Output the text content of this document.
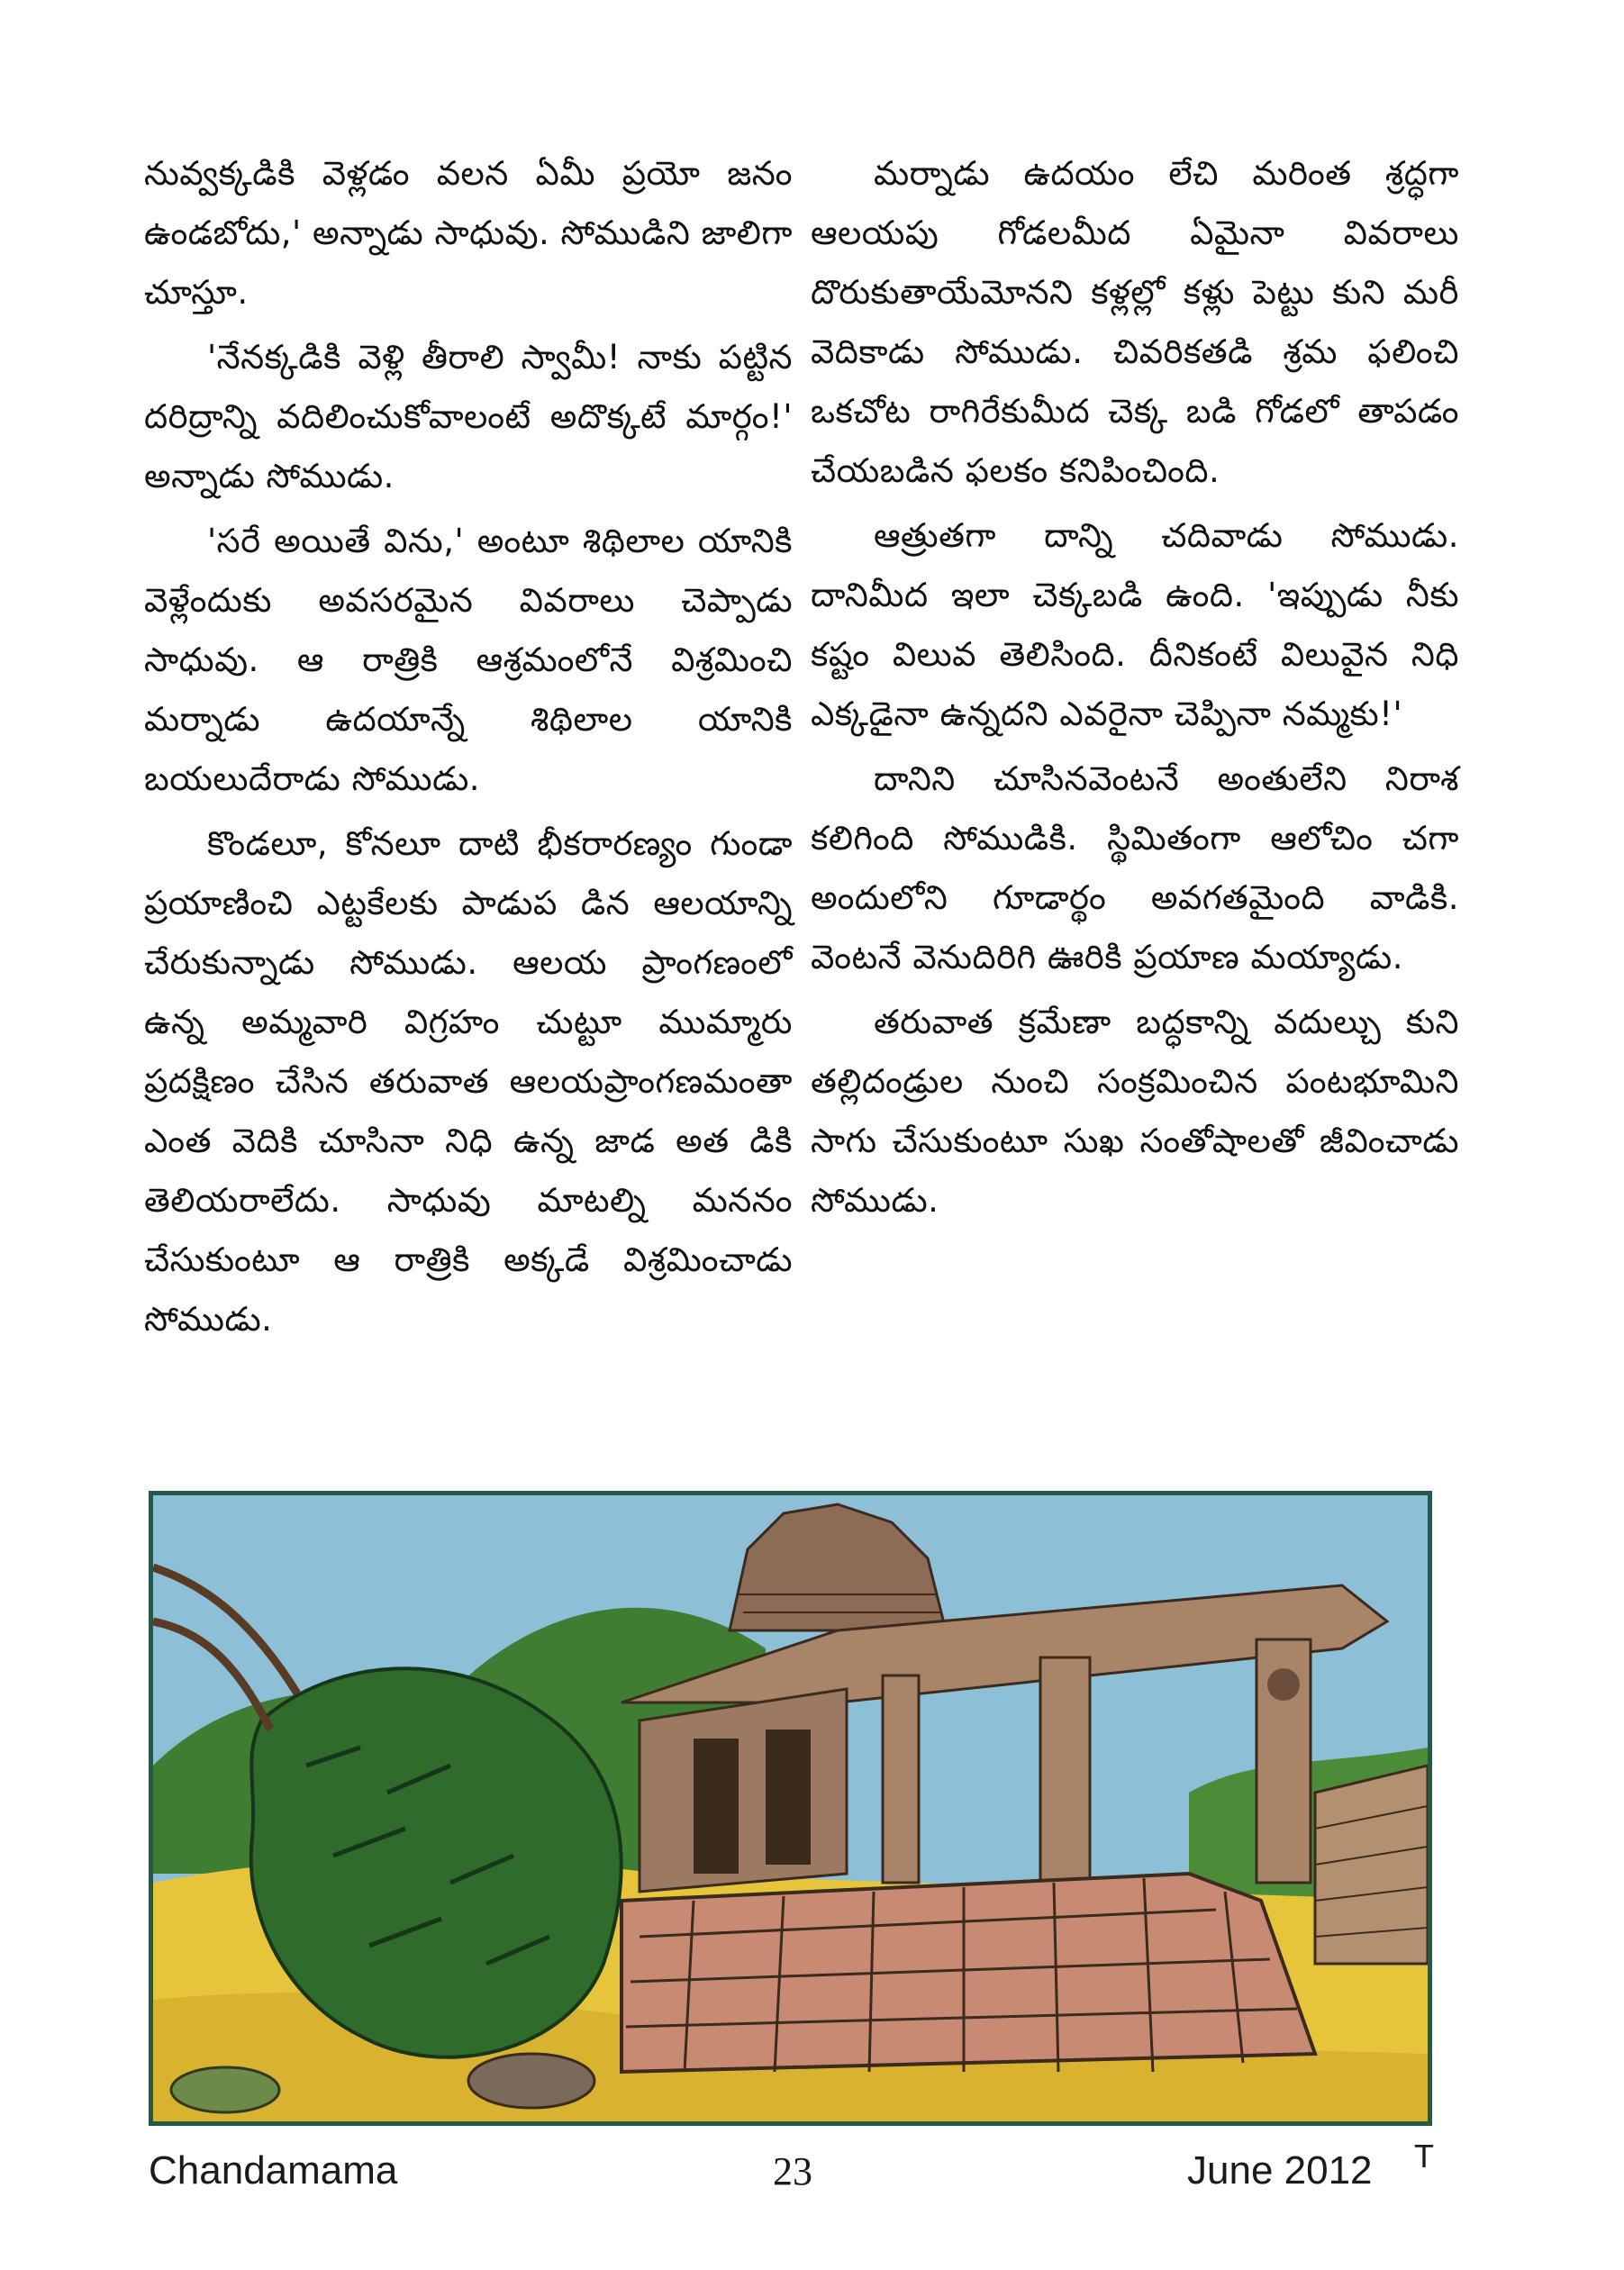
నువ్వక్కడికి వెళ్లడం వలన ఏమీ ప్రయో జనం ఉండబోదు,' అన్నాడు సాధువు. సోముడిని జాలిగా చూస్తూ.

'నేనక్కడికి వెళ్లి తీరాలి స్వామీ! నాకు పట్టిన దరిద్రాన్ని వదిలించుకోవాలంటే అదొక్కటే మార్గం!' అన్నాడు సోముడు.

'సరే అయితే విను,' అంటూ శిథిలాల యానికి వెళ్లేందుకు అవసరమైన వివరాలు చెప్పాడు సాధువు. ఆ రాత్రికి ఆశ్రమంలోనే విశ్రమించి మర్నాడు ఉదయాన్నే శిథిలాల యానికి బయలుదేరాడు సోముడు.

కొండలూ, కోనలూ దాటి భీకరారణ్యం గుండా ప్రయాణించి ఎట్టకేలకు పాడుప డిన ఆలయాన్ని చేరుకున్నాడు సోముడు. ఆలయ ప్రాంగణంలో ఉన్న అమ్మవారి విగ్రహం చుట్టూ ముమ్మారు ప్రదక్షిణం చేసిన తరువాత ఆలయప్రాంగణమంతా ఎంత వెదికి చూసినా నిధి ఉన్న జాడ అత డికి తెలియరాలేదు. సాధువు మాటల్ని మననం చేసుకుంటూ ఆ రాత్రికి అక్కడే విశ్రమించాడు సోముడు.

మర్నాడు ఉదయం లేచి మరింత శ్రద్ధగా ఆలయపు గోడలమీద ఏమైనా వివరాలు దొరుకుతాయేమోనని కళ్లల్లో కళ్లు పెట్టు కుని మరీ వెదికాడు సోముడు. చివరికతడి శ్రమ ఫలించి ఒకచోట రాగిరేకుమీద చెక్క బడి గోడలో తాపడం చేయబడిన ఫలకం కనిపించింది.

ఆత్రుతగా దాన్ని చదివాడు సోముడు. దానిమీద ఇలా చెక్కబడి ఉంది. 'ఇప్పుడు నీకు కష్టం విలువ తెలిసింది. దీనికంటే విలువైన నిధి ఎక్కడైనా ఉన్నదని ఎవరైనా చెప్పినా నమ్మకు!'

దానిని చూసినవెంటనే అంతులేని నిరాశ కలిగింది సోముడికి. స్థిమితంగా ఆలోచిం చగా అందులోని గూడార్థం అవగతమైంది వాడికి. వెంటనే వెనుదిరిగి ఊరికి ప్రయాణ మయ్యాడు.

తరువాత క్రమేణా బద్ధకాన్ని వదుల్చు కుని తల్లిదండ్రుల నుంచి సంక్రమించిన పంటభూమిని సాగు చేసుకుంటూ సుఖ సంతోషాలతో జీవించాడు సోముడు.

Chandamama	23	June 2012 T
